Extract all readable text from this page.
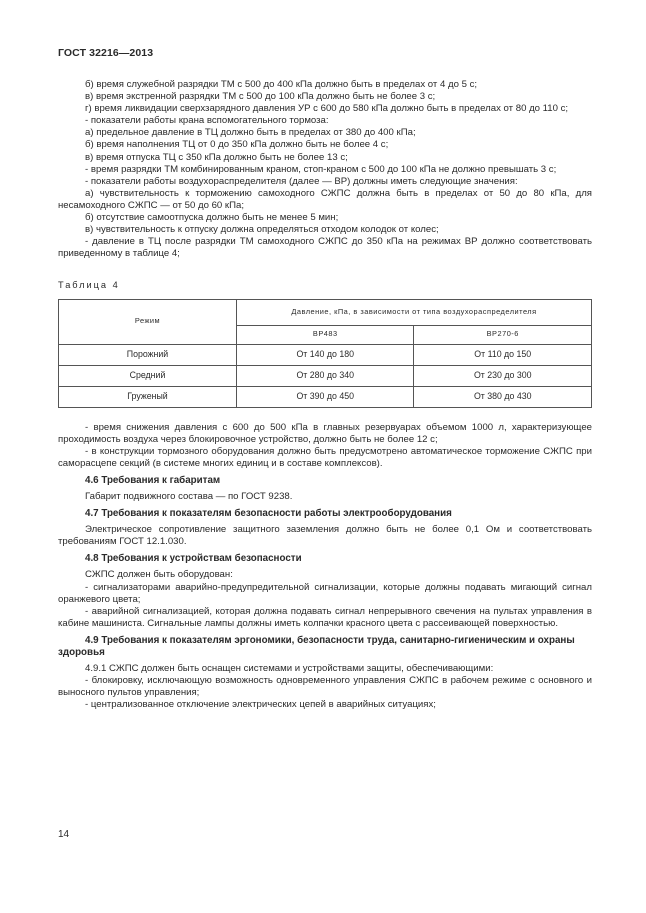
ГОСТ 32216—2013

б) время служебной разрядки ТМ с 500 до 400 кПа должно быть в пределах от 4 до 5 с;

в) время экстренной разрядки ТМ с 500 до 100 кПа должно быть не более 3 с;

г) время ликвидации сверхзарядного давления УР с 600 до 580 кПа должно быть в пределах от 80 до 110 с;

- показатели работы крана вспомогательного тормоза:

а) предельное давление в ТЦ должно быть в пределах от 380 до 400 кПа;

б) время наполнения ТЦ от 0 до 350 кПа должно быть не более 4 с;

в) время отпуска ТЦ с 350 кПа должно быть не более 13 с;

- время разрядки ТМ комбинированным краном, стоп-краном с 500 до 100 кПа не должно превышать 3 с;

- показатели работы воздухораспределителя (далее — ВР) должны иметь следующие значения:

а) чувствительность к торможению самоходного СЖПС должна быть в пределах от 50 до 80 кПа, для несамоходного СЖПС — от 50 до 60 кПа;

б) отсутствие самоотпуска должно быть не менее 5 мин;

в) чувствительность к отпуску должна определяться отходом колодок от колес;

- давление в ТЦ после разрядки ТМ самоходного СЖПС до 350 кПа на режимах ВР должно соответствовать приведенному в таблице 4;

Таблица 4

Режим	Давление, кПа, в зависимости от типа воздухораспределителя	
	ВР483	ВР270-6
Порожний	От 140 до 180	От 110 до 150
Средний	От 280 до 340	От 230 до 300
Груженый	От 390 до 450	От 380 до 430

- время снижения давления с 600 до 500 кПа в главных резервуарах объемом 1000 л, характеризующее проходимость воздуха через блокировочное устройство, должно быть не более 12 с;

- в конструкции тормозного оборудования должно быть предусмотрено автоматическое торможение СЖПС при саморасцепе секций (в системе многих единиц и в составе комплексов).

4.6 Требования к габаритам

Габарит подвижного состава — по ГОСТ 9238.

4.7 Требования к показателям безопасности работы электрооборудования

Электрическое сопротивление защитного заземления должно быть не более 0,1 Ом и соответствовать требованиям ГОСТ 12.1.030.

4.8 Требования к устройствам безопасности

СЖПС должен быть оборудован:

- сигнализаторами аварийно-предупредительной сигнализации, которые должны подавать мигающий сигнал оранжевого цвета;

- аварийной сигнализацией, которая должна подавать сигнал непрерывного свечения на пультах управления в кабине машиниста. Сигнальные лампы должны иметь колпачки красного цвета с рассеивающей поверхностью.

4.9 Требования к показателям эргономики, безопасности труда, санитарно-гигиеническим и охраны здоровья

4.9.1 СЖПС должен быть оснащен системами и устройствами защиты, обеспечивающими:

- блокировку, исключающую возможность одновременного управления СЖПС в рабочем режиме с основного и выносного пультов управления;

- централизованное отключение электрических цепей в аварийных ситуациях;

14
